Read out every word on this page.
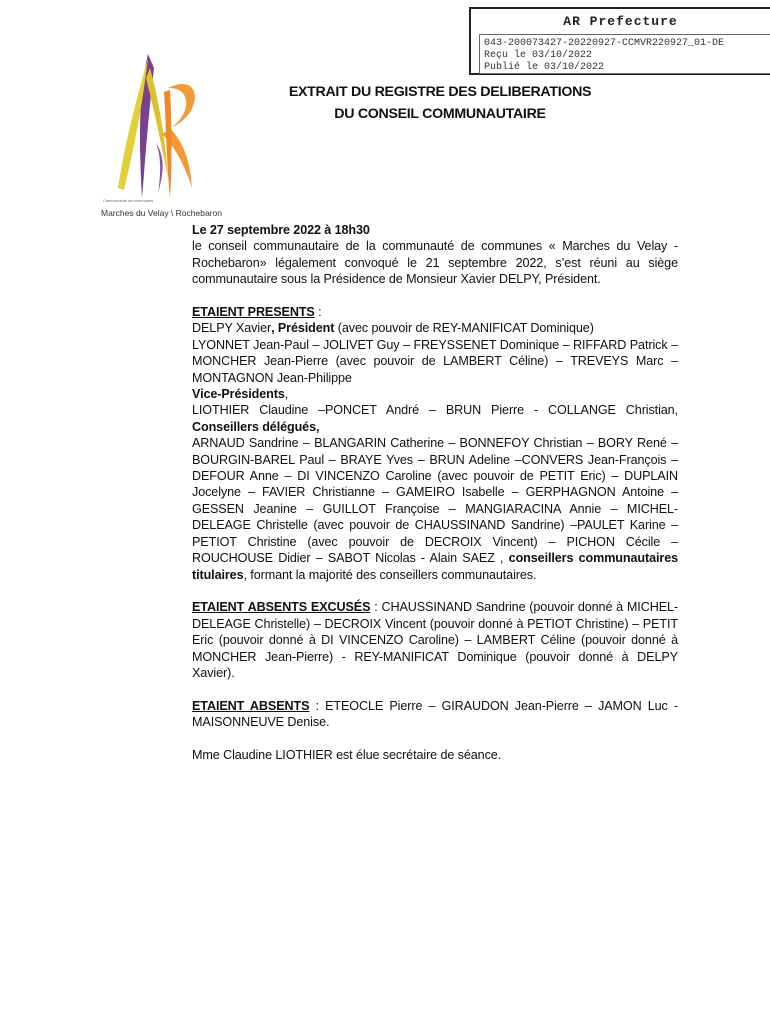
AR Prefecture
043-200073427-20220927-CCMVR220927_01-DE
Reçu le 03/10/2022
Publié le 03/10/2022
Communauté de communes
Marches du Velay \ Rochebaron
EXTRAIT DU REGISTRE DES DELIBERATIONS
DU CONSEIL COMMUNAUTAIRE

Le 27 septembre 2022 à 18h30

le conseil communautaire de la communauté de communes « Marches du Velay - Rochebaron» légalement convoqué le 21 septembre 2022, s’est réuni au siège communautaire sous la Présidence de Monsieur Xavier DELPY, Président.

ETAIENT PRESENTS :

DELPY Xavier, Président (avec pouvoir de REY-MANIFICAT Dominique)

LYONNET Jean-Paul – JOLIVET Guy – FREYSSENET Dominique – RIFFARD Patrick – MONCHER Jean-Pierre (avec pouvoir de LAMBERT Céline) – TREVEYS Marc – MONTAGNON Jean-Philippe

Vice-Présidents,

LIOTHIER Claudine –PONCET André – BRUN Pierre - COLLANGE Christian, Conseillers délégués,

ARNAUD Sandrine – BLANGARIN Catherine – BONNEFOY Christian – BORY René – BOURGIN-BAREL Paul – BRAYE Yves – BRUN Adeline –CONVERS Jean-François – DEFOUR Anne – DI VINCENZO Caroline (avec pouvoir de PETIT Eric) – DUPLAIN Jocelyne – FAVIER Christianne – GAMEIRO Isabelle – GERPHAGNON Antoine – GESSEN Jeanine – GUILLOT Françoise – MANGIARACINA Annie – MICHEL-DELEAGE Christelle (avec pouvoir de CHAUSSINAND Sandrine) –PAULET Karine – PETIOT Christine (avec pouvoir de DECROIX Vincent) – PICHON Cécile – ROUCHOUSE Didier – SABOT Nicolas - Alain SAEZ , conseillers communautaires titulaires, formant la majorité des conseillers communautaires.

ETAIENT ABSENTS EXCUSÉS : CHAUSSINAND Sandrine (pouvoir donné à MICHEL-DELEAGE Christelle) – DECROIX Vincent (pouvoir donné à PETIOT Christine) – PETIT Eric (pouvoir donné à DI VINCENZO Caroline) – LAMBERT Céline (pouvoir donné à MONCHER Jean-Pierre) - REY-MANIFICAT Dominique (pouvoir donné à DELPY Xavier).

ETAIENT ABSENTS : ETEOCLE Pierre – GIRAUDON Jean-Pierre – JAMON Luc - MAISONNEUVE Denise.

Mme Claudine LIOTHIER est élue secrétaire de séance.
